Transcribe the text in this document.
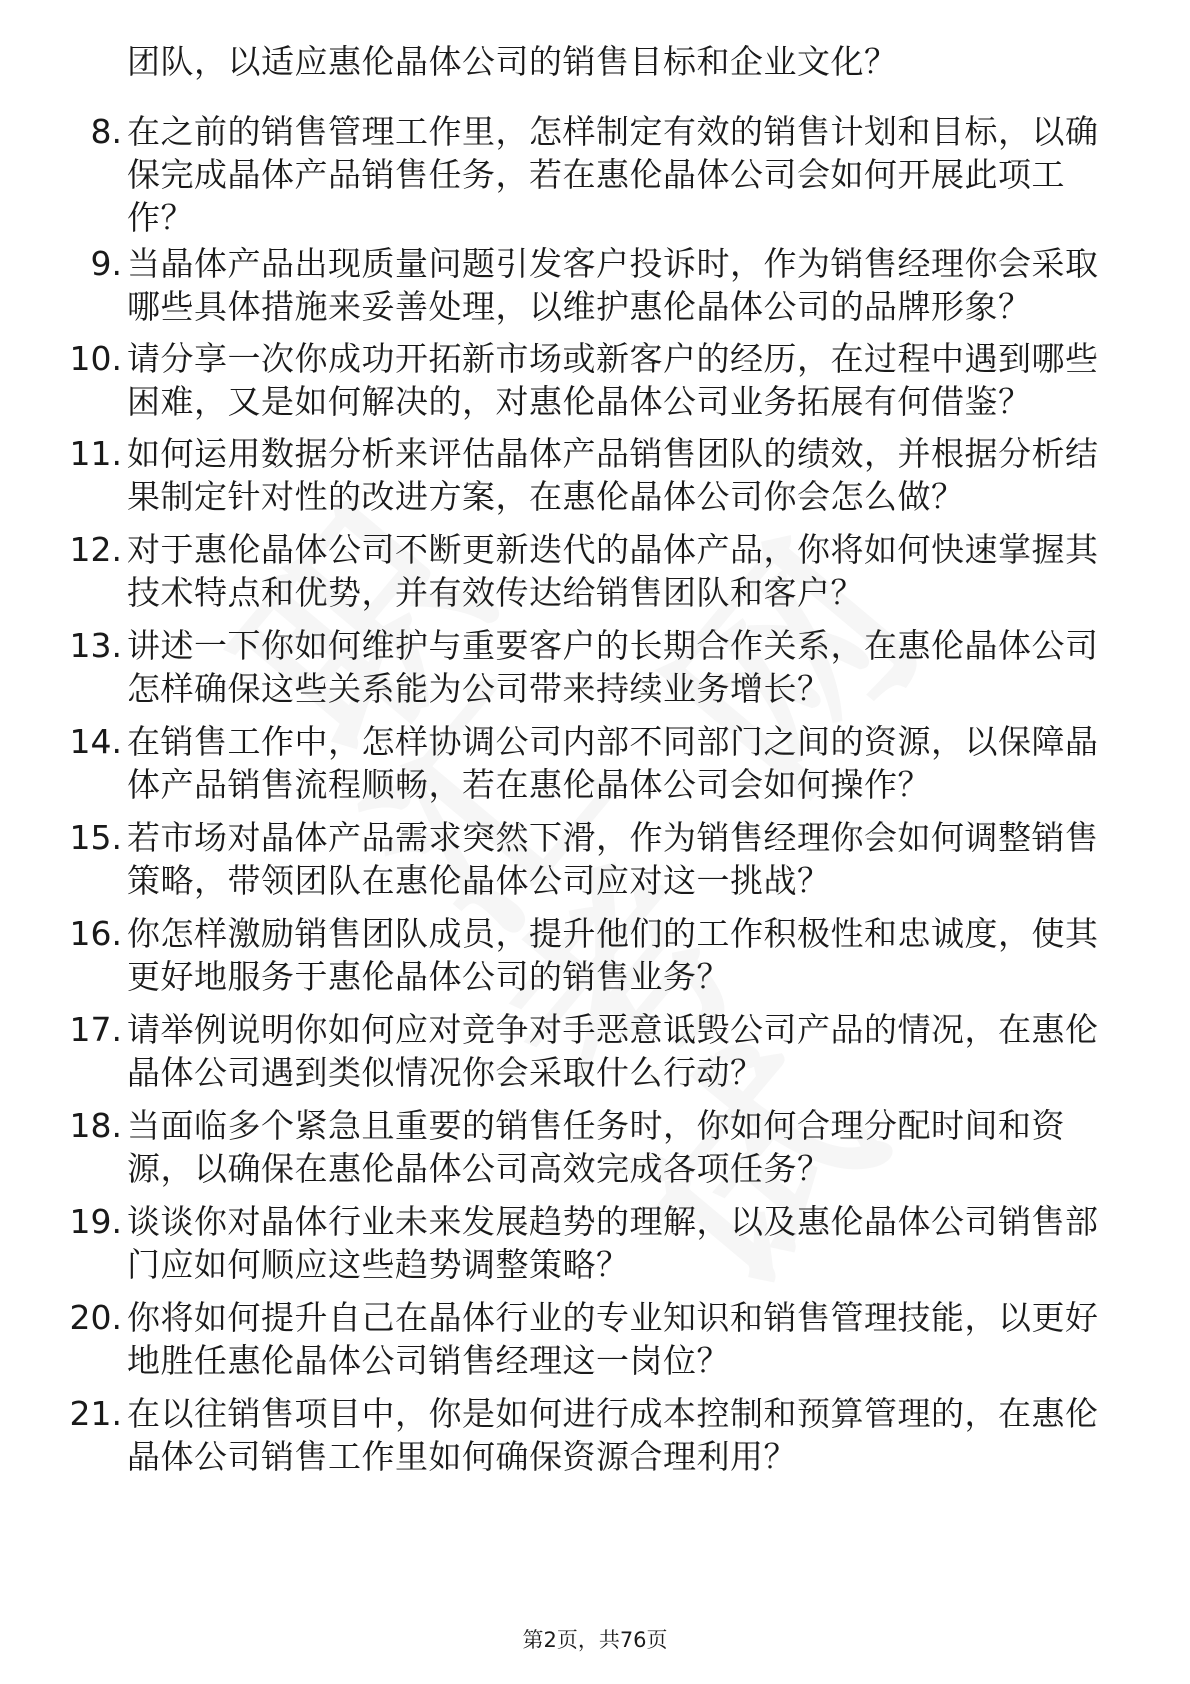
团队，以适应惠伦晶体公司的销售目标和企业文化？
8. 在之前的销售管理工作里，怎样制定有效的销售计划和目标，以确保完成晶体产品销售任务，若在惠伦晶体公司会如何开展此项工作？
9. 当晶体产品出现质量问题引发客户投诉时，作为销售经理你会采取哪些具体措施来妥善处理，以维护惠伦晶体公司的品牌形象？
10. 请分享一次你成功开拓新市场或新客户的经历，在过程中遇到哪些困难，又是如何解决的，对惠伦晶体公司业务拓展有何借鉴？
11. 如何运用数据分析来评估晶体产品销售团队的绩效，并根据分析结果制定针对性的改进方案，在惠伦晶体公司你会怎么做？
12. 对于惠伦晶体公司不断更新迭代的晶体产品，你将如何快速掌握其技术特点和优势，并有效传达给销售团队和客户？
13. 讲述一下你如何维护与重要客户的长期合作关系，在惠伦晶体公司怎样确保这些关系能为公司带来持续业务增长？
14. 在销售工作中，怎样协调公司内部不同部门之间的资源，以保障晶体产品销售流程顺畅，若在惠伦晶体公司会如何操作？
15. 若市场对晶体产品需求突然下滑，作为销售经理你会如何调整销售策略，带领团队在惠伦晶体公司应对这一挑战？
16. 你怎样激励销售团队成员，提升他们的工作积极性和忠诚度，使其更好地服务于惠伦晶体公司的销售业务？
17. 请举例说明你如何应对竞争对手恶意诋毁公司产品的情况，在惠伦晶体公司遇到类似情况你会采取什么行动？
18. 当面临多个紧急且重要的销售任务时，你如何合理分配时间和资源，以确保在惠伦晶体公司高效完成各项任务？
19. 谈谈你对晶体行业未来发展趋势的理解，以及惠伦晶体公司销售部门应如何顺应这些趋势调整策略？
20. 你将如何提升自己在晶体行业的专业知识和销售管理技能，以更好地胜任惠伦晶体公司销售经理这一岗位？
21. 在以往销售项目中，你是如何进行成本控制和预算管理的，在惠伦晶体公司销售工作里如何确保资源合理利用？
第2页，共76页
